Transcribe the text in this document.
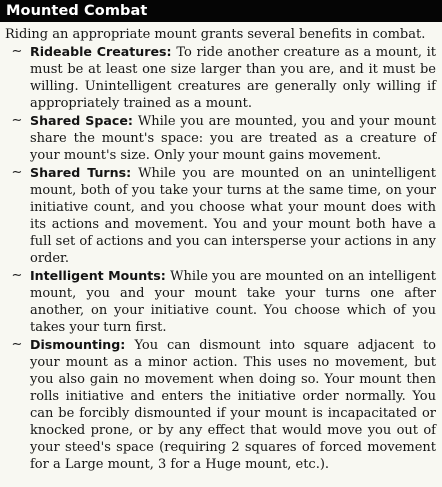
Mounted Combat
Riding an appropriate mount grants several benefits in combat.
∼ Rideable Creatures: To ride another creature as a mount, it must be at least one size larger than you are, and it must be willing. Unintelligent creatures are generally only willing if appropriately trained as a mount.
∼ Shared Space: While you are mounted, you and your mount share the mount's space: you are treated as a creature of your mount's size. Only your mount gains movement.
∼ Shared Turns: While you are mounted on an unintelligent mount, both of you take your turns at the same time, on your initiative count, and you choose what your mount does with its actions and movement. You and your mount both have a full set of actions and you can intersperse your actions in any order.
∼ Intelligent Mounts: While you are mounted on an intelligent mount, you and your mount take your turns one after another, on your initiative count. You choose which of you takes your turn first.
∼ Dismounting: You can dismount into square adjacent to your mount as a minor action. This uses no movement, but you also gain no movement when doing so. Your mount then rolls initiative and enters the initiative order normally. You can be forcibly dismounted if your mount is incapacitated or knocked prone, or by any effect that would move you out of your steed's space (requiring 2 squares of forced movement for a Large mount, 3 for a Huge mount, etc.).
